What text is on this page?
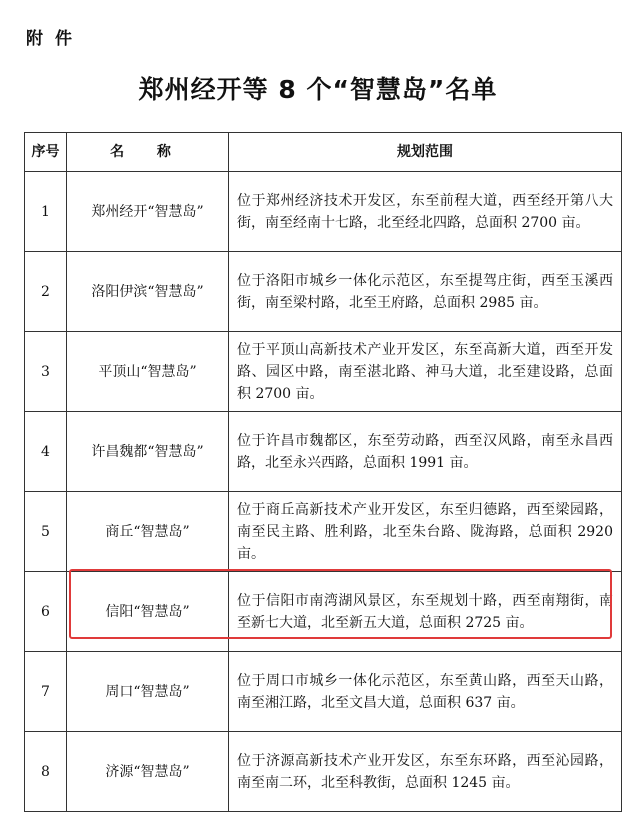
附件
郑州经开等 8 个“智慧岛”名单
序号	名 称	规划范围
1	郑州经开“智慧岛”	位于郑州经济技术开发区，东至前程大道，西至经开第八大街，南至经南十七路，北至经北四路，总面积 2700 亩。
2	洛阳伊滨“智慧岛”	位于洛阳市城乡一体化示范区，东至提驾庄街，西至玉溪西街，南至梁村路，北至王府路，总面积 2985 亩。
3	平顶山“智慧岛”	位于平顶山高新技术产业开发区，东至高新大道，西至开发路、园区中路，南至湛北路、神马大道，北至建设路，总面积 2700 亩。
4	许昌魏都“智慧岛”	位于许昌市魏都区，东至劳动路，西至汉风路，南至永昌西路，北至永兴西路，总面积 1991 亩。
5	商丘“智慧岛”	位于商丘高新技术产业开发区，东至归德路，西至梁园路，南至民主路、胜利路，北至朱台路、陇海路，总面积 2920 亩。
6	信阳“智慧岛”	位于信阳市南湾湖风景区，东至规划十路，西至南翔街，南至新七大道，北至新五大道，总面积 2725 亩。
7	周口“智慧岛”	位于周口市城乡一体化示范区，东至黄山路，西至天山路，南至湘江路，北至文昌大道，总面积 637 亩。
8	济源“智慧岛”	位于济源高新技术产业开发区，东至东环路，西至沁园路，南至南二环，北至科教街，总面积 1245 亩。
